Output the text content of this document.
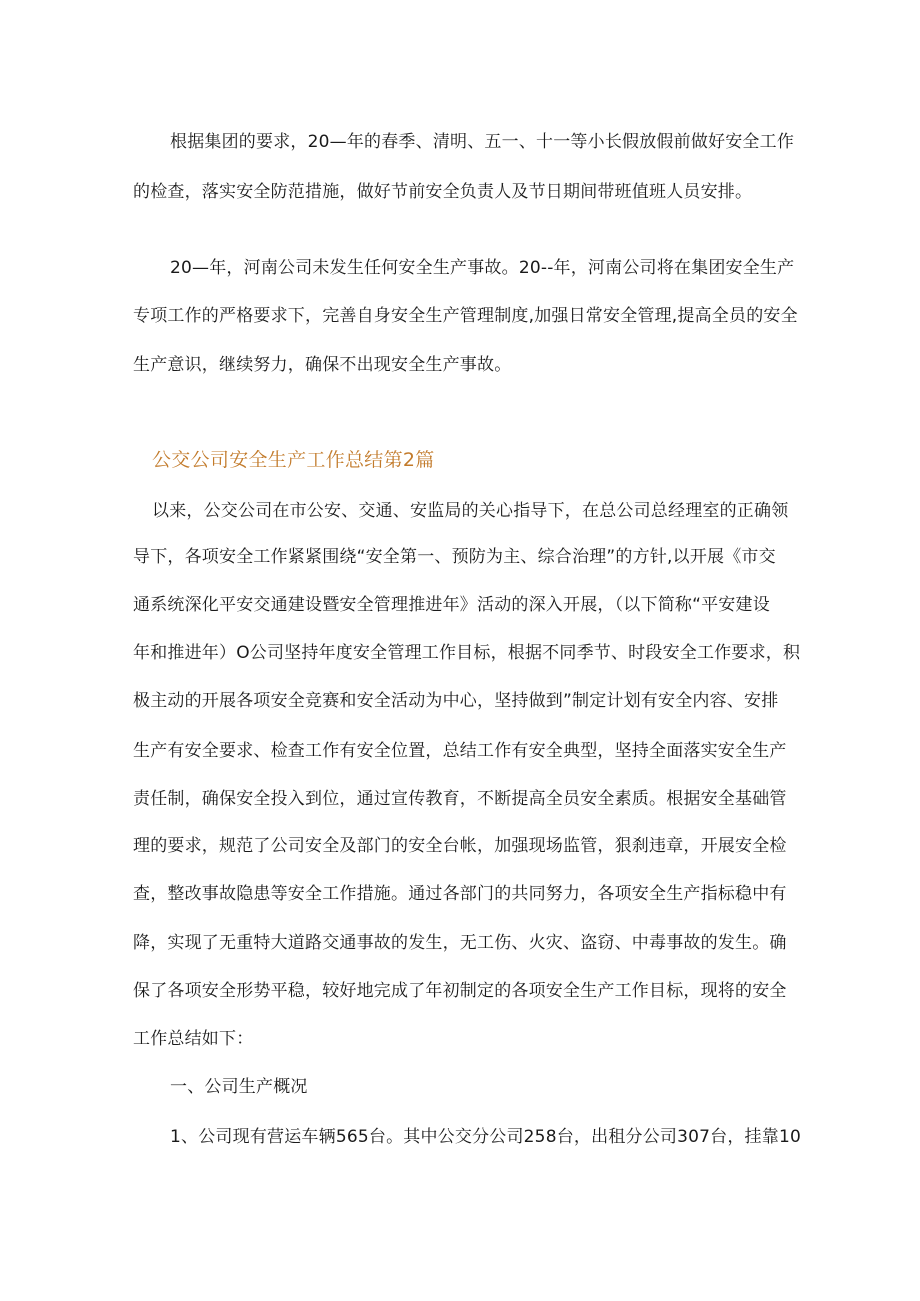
根据集团的要求，20—年的春季、清明、五一、十一等小长假放假前做好安全工作
的检查，落实安全防范措施，做好节前安全负责人及节日期间带班值班人员安排。
20—年，河南公司未发生任何安全生产事故。20--年，河南公司将在集团安全生产
专项工作的严格要求下，完善自身安全生产管理制度,加强日常安全管理,提高全员的安全
生产意识，继续努力，确保不出现安全生产事故。
公交公司安全生产工作总结第2篇
以来，公交公司在市公安、交通、安监局的关心指导下，在总公司总经理室的正确领
导下，各项安全工作紧紧围绕“安全第一、预防为主、综合治理”的方针,以开展《市交
通系统深化平安交通建设暨安全管理推进年》活动的深入开展，（以下简称“平安建设
年和推进年）O公司坚持年度安全管理工作目标，根据不同季节、时段安全工作要求，积
极主动的开展各项安全竞赛和安全活动为中心，坚持做到”制定计划有安全内容、安排
生产有安全要求、检查工作有安全位置，总结工作有安全典型，坚持全面落实安全生产
责任制，确保安全投入到位，通过宣传教育，不断提高全员安全素质。根据安全基础管
理的要求，规范了公司安全及部门的安全台帐，加强现场监管，狠刹违章，开展安全检
查，整改事故隐患等安全工作措施。通过各部门的共同努力，各项安全生产指标稳中有
降，实现了无重特大道路交通事故的发生，无工伤、火灾、盗窃、中毒事故的发生。确
保了各项安全形势平稳，较好地完成了年初制定的各项安全生产工作目标，现将的安全
工作总结如下：
一、公司生产概况
1、公司现有营运车辆565台。其中公交分公司258台，出租分公司307台，挂靠10
